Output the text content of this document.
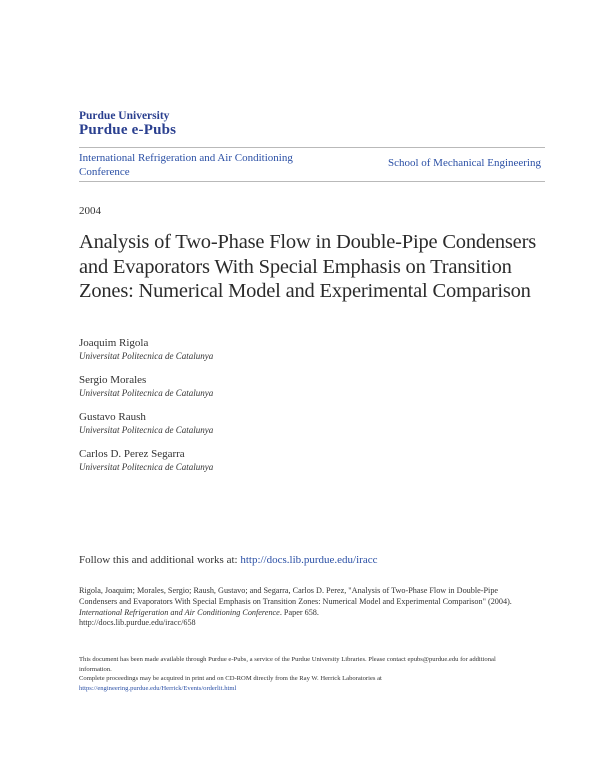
Purdue University
Purdue e-Pubs
International Refrigeration and Air Conditioning Conference
School of Mechanical Engineering
2004
Analysis of Two-Phase Flow in Double-Pipe Condensers and Evaporators With Special Emphasis on Transition Zones: Numerical Model and Experimental Comparison
Joaquim Rigola
Universitat Politecnica de Catalunya
Sergio Morales
Universitat Politecnica de Catalunya
Gustavo Raush
Universitat Politecnica de Catalunya
Carlos D. Perez Segarra
Universitat Politecnica de Catalunya
Follow this and additional works at: http://docs.lib.purdue.edu/iracc
Rigola, Joaquim; Morales, Sergio; Raush, Gustavo; and Segarra, Carlos D. Perez, "Analysis of Two-Phase Flow in Double-Pipe Condensers and Evaporators With Special Emphasis on Transition Zones: Numerical Model and Experimental Comparison" (2004). International Refrigeration and Air Conditioning Conference. Paper 658.
http://docs.lib.purdue.edu/iracc/658
This document has been made available through Purdue e-Pubs, a service of the Purdue University Libraries. Please contact epubs@purdue.edu for additional information.
Complete proceedings may be acquired in print and on CD-ROM directly from the Ray W. Herrick Laboratories at https://engineering.purdue.edu/Herrick/Events/orderlit.html
